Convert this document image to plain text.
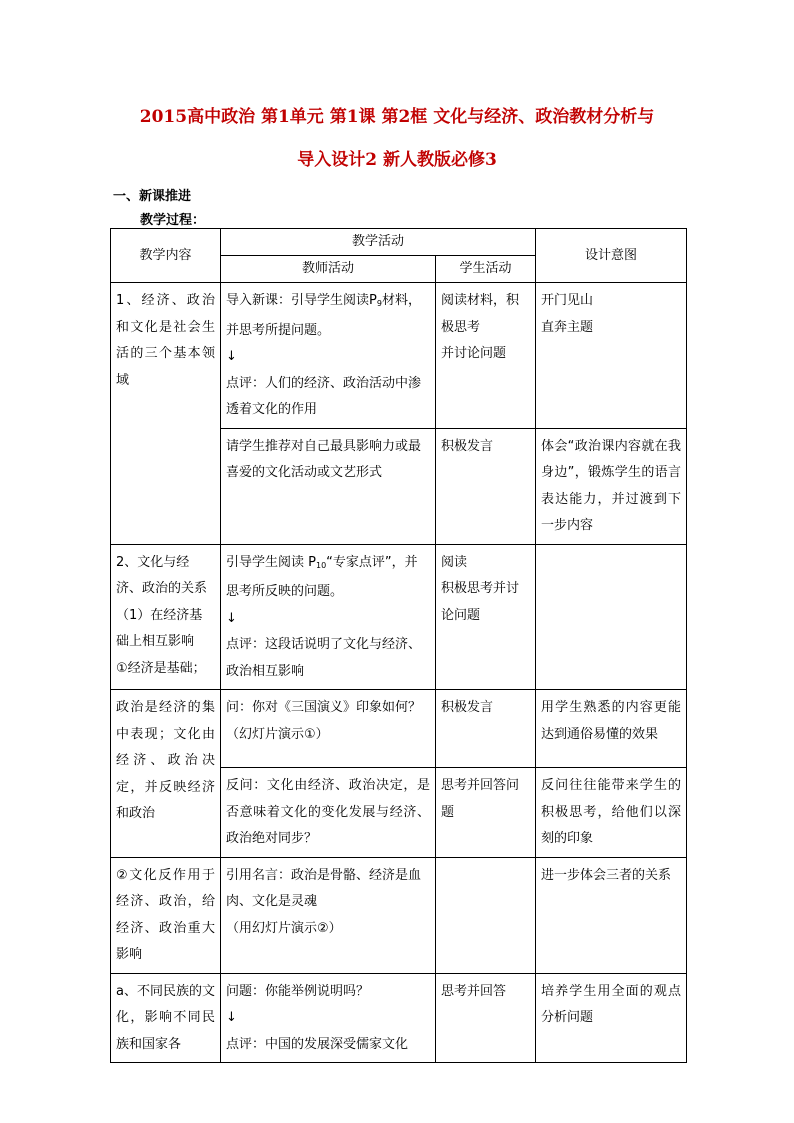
2015高中政治 第1单元 第1课 第2框 文化与经济、政治教材分析与
导入设计2 新人教版必修3
一、新课推进
教学过程：
教学内容	教学活动		设计意图
	教师活动	学生活动	
1、经济、政治和文化是社会生活的三个基本领域	导入新课：引导学生阅读$P_9$材料，并思考所提问题。
↓
点评：人们的经济、政治活动中渗透着文化的作用	阅读材料，积极思考
并讨论问题	开门见山
直奔主题

	请学生推荐对自己最具影响力或最喜爱的文化活动或文艺形式	积极发言	体会“政治课内容就在我身边”，锻炼学生的语言表达能力，并过渡到下一步内容

2、文化与经济、政治的关系
（1）在经济基础上相互影响
①经济是基础；	引导学生阅读 $P_{10}“$专家点评”，并思考所反映的问题。
↓
点评：这段话说明了文化与经济、政治相互影响	阅读
积极思考并讨论问题	

政治是经济的集中表现；文化由经济、政治决定，并反映经济和政治	问：你对《三国演义》印象如何？
（幻灯片演示①）	积极发言	用学生熟悉的内容更能达到通俗易懂的效果
	反问：文化由经济、政治决定，是否意味着文化的变化发展与经济、政治绝对同步？	思考并回答问题	反问往往能带来学生的积极思考，给他们以深刻的印象
②文化反作用于经济、政治，给经济、政治重大影响	引用名言：政治是骨骼、经济是血肉、文化是灵魂
（用幻灯片演示②）		进一步体会三者的关系
a、不同民族的文化，影响不同民族和国家各	问题：你能举例说明吗？
↓
点评：中国的发展深受儒家文化	思考并回答	培养学生用全面的观点分析问题
